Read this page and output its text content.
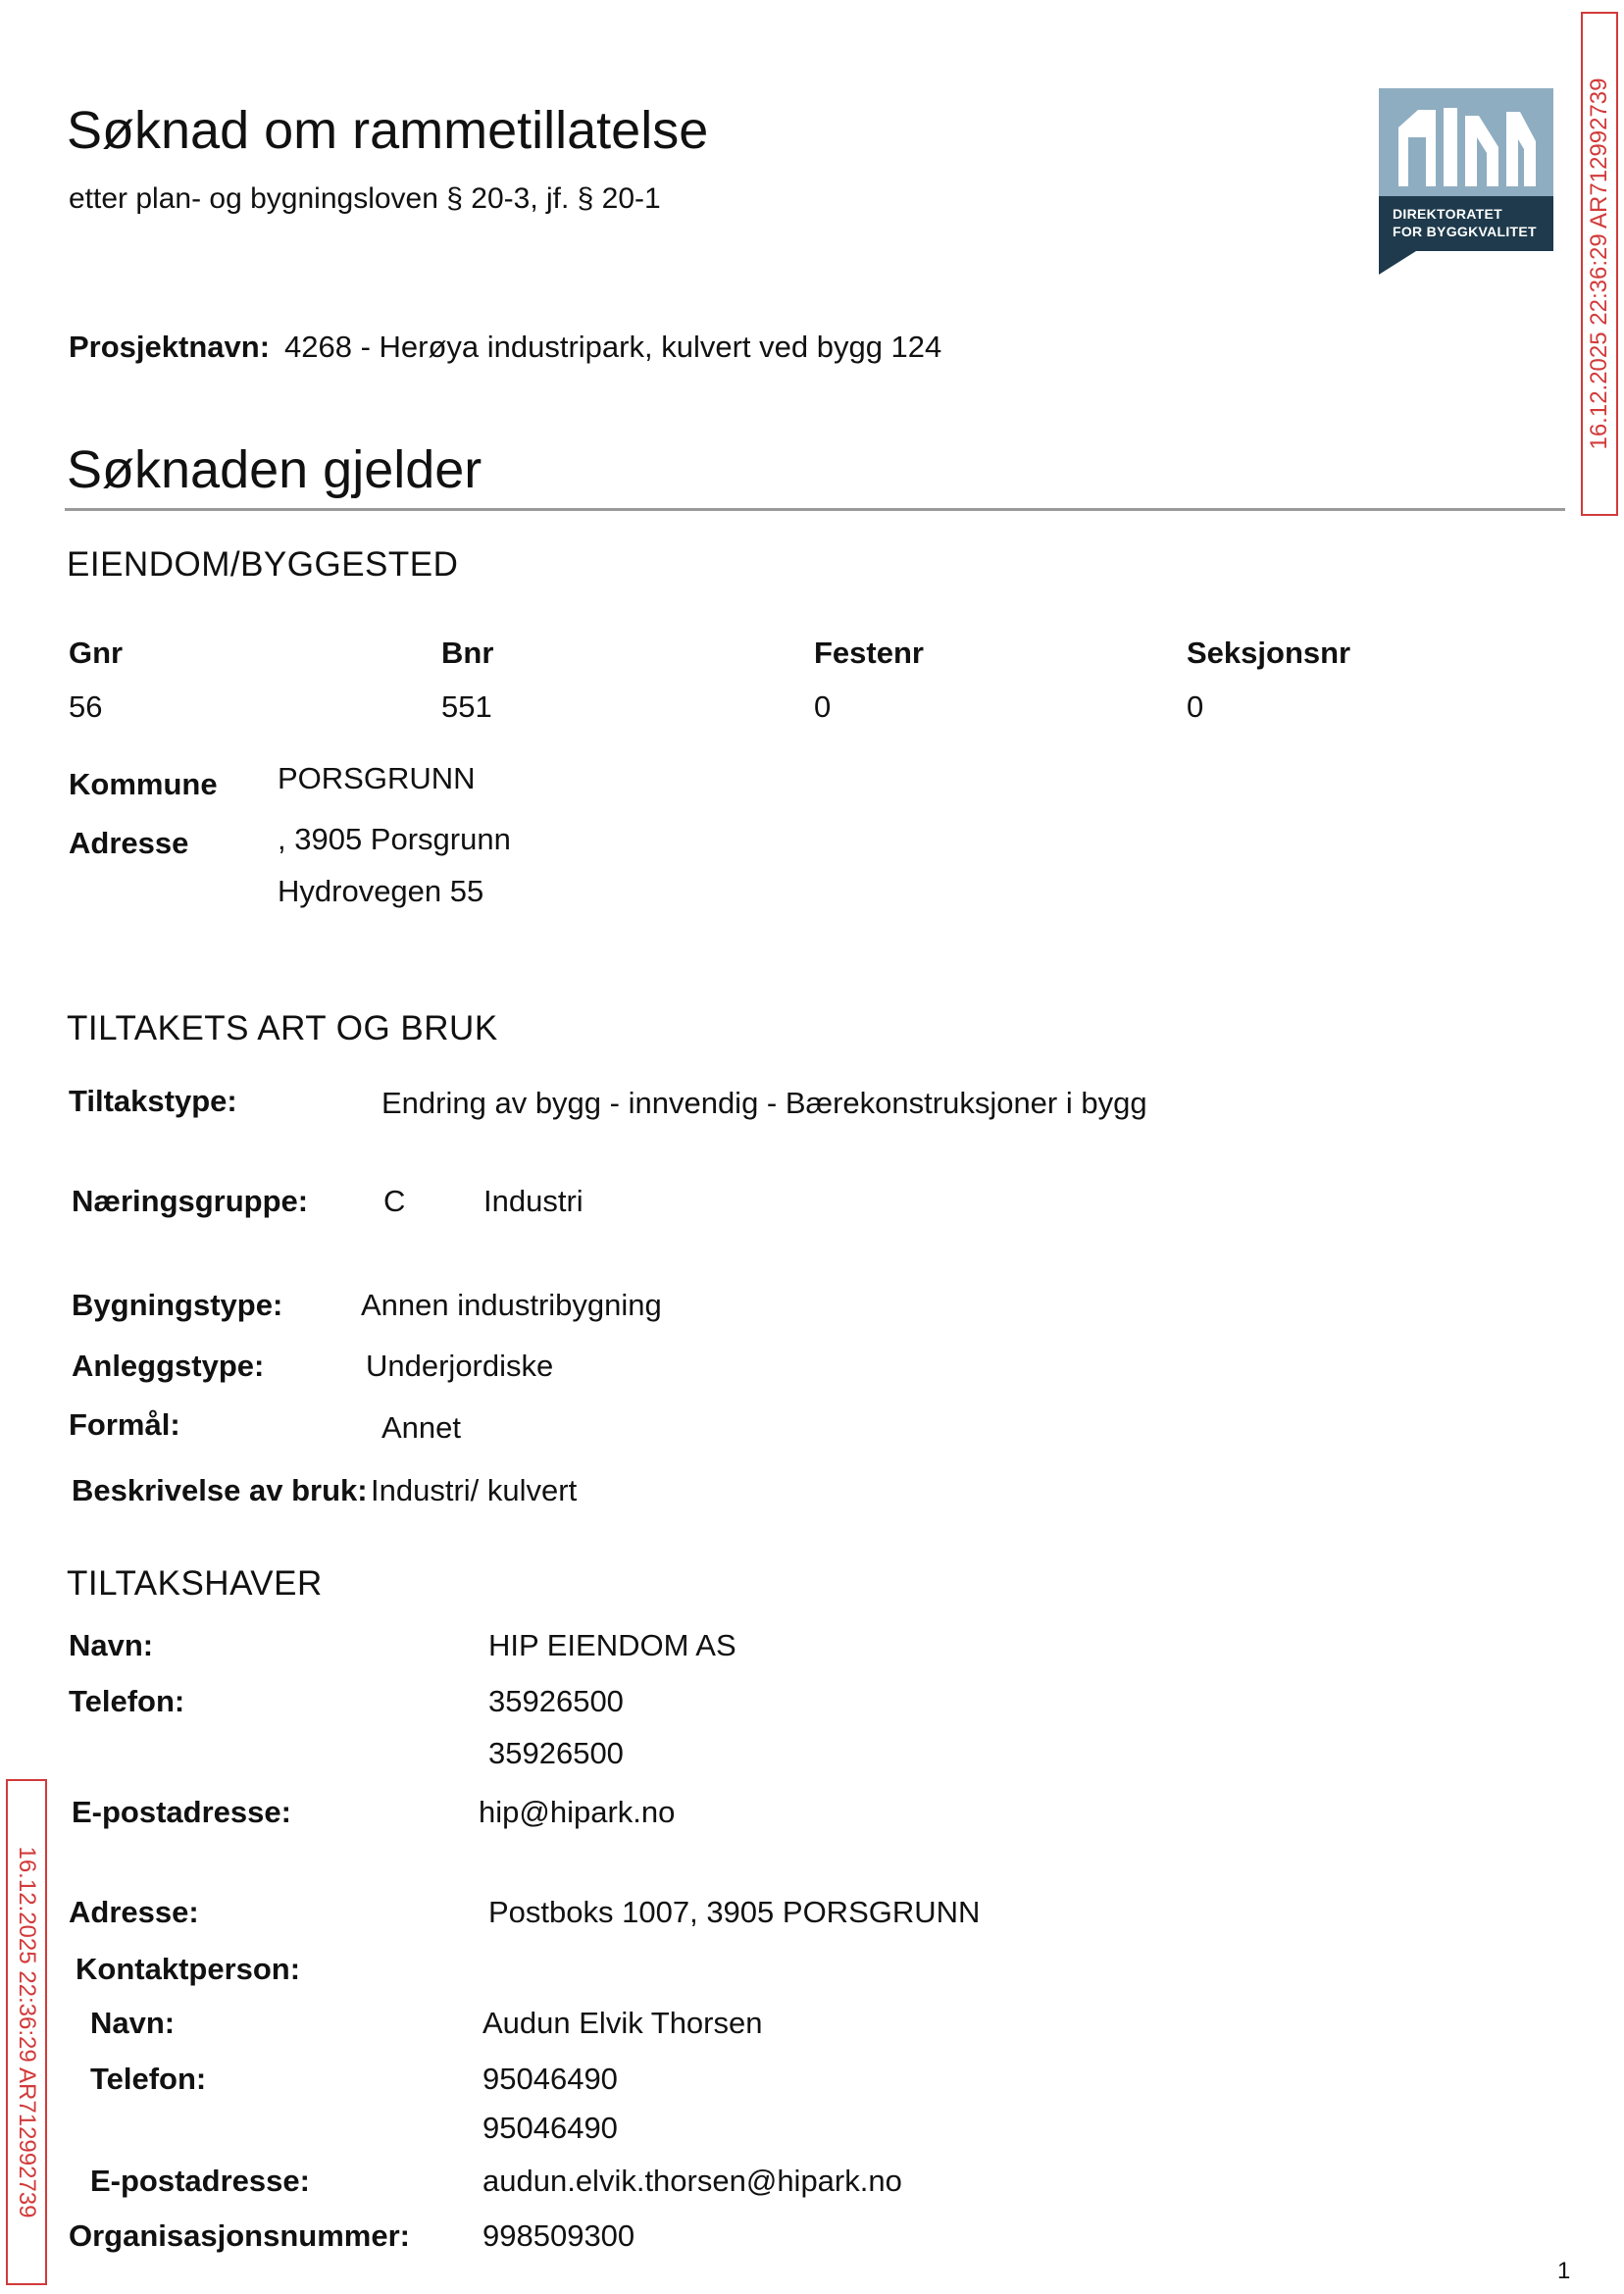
Søknad om rammetillatelse
etter plan- og bygningsloven § 20-3, jf. § 20-1	DIREKTORATET
FOR BYGGKVALITET 16.12.2025 22:36:29 AR712992739
Prosjektnavn: 4268 - Herøya industripark, kulvert ved bygg 124
Søknaden gjelder
EIENDOM/BYGGESTED
Gnr	Bnr	Festenr	Seksjonsnr
56	551	0	0
Kommune PORSGRUNN
Adresse	, 3905 Porsgrunn
Hydrovegen 55
TILTAKETS ART OG BRUK
Tiltakstype:	Endring av bygg - innvendig - Bærekonstruksjoner i bygg
Næringsgruppe: C	Industri
Bygningstype:	Annen industribygning
Anleggstype:	Underjordiske
Formål:	Annet
Beskrivelse av bruk: Industri/ kulvert
TILTAKSHAVER
Navn:	HIP EIENDOM AS
Telefon:	35926500
35926500
E-postadresse:	hip@hipark.no
Adresse:	Postboks 1007, 3905 PORSGRUNN
Kontaktperson:
Navn:	Audun Elvik Thorsen
Telefon:	95046490
95046490
E-postadresse:	audun.elvik.thorsen@hipark.no
Organisasjonsnummer: 998509300
16.12.2025 22:36:29 AR712992739
1
